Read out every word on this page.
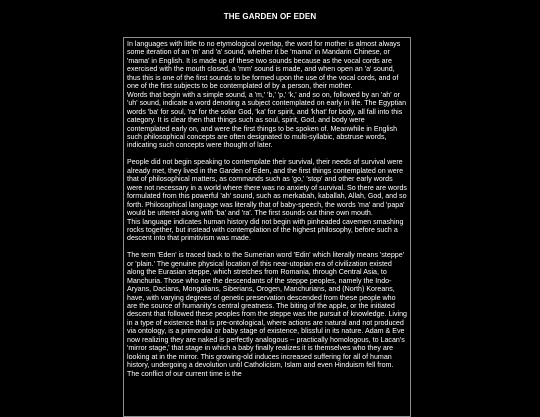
THE GARDEN OF EDEN

In languages with little to no etymological overlap, the word for mother is almost always some iteration of an 'm' and 'a' sound, whether it be 'mama' in Mandarin Chinese, or 'mama' in English. It is made up of these two sounds because as the vocal cords are exercised with the mouth closed, a 'mm' sound is made, and when open an 'a' sound, thus this is one of the first sounds to be formed upon the use of the vocal cords, and of one of the first subjects to be contemplated of by a person, their mother.

Words that begin with a simple sound, a 'm,' 'b,' 'p,' 'k,' and so on, followed by an 'ah' or 'uh' sound, indicate a word denoting a subject contemplated on early in life. The Egyptian words 'ba' for soul, 'ra' for the solar God, 'ka' for spirit, and 'khat' for body, all fall into this category. It is clear then that things such as soul, spirit, God, and body were contemplated early on, and were the first things to be spoken of. Meanwhile in English such philosophical concepts are often designated to multi-syllabic, abstruse words, indicating such concepts were thought of later.

People did not begin speaking to contemplate their survival, their needs of survival were already met, they lived in the Garden of Eden, and the first things contemplated on were that of philosophical matters, as commands such as 'go,' 'stop' and other early words were not necessary in a world where there was no anxiety of survival. So there are words formulated from this powerful 'ah' sound, such as merkabah, kaballah, Allah, God, and so forth. Philosophical language was literally that of baby-speech, the words 'ma' and 'papa' would be uttered along with 'ba' and 'ra'. The first sounds out thine own mouth.

This language indicates human history did not begin with pinheaded cavemen smashing rocks together, but instead with contemplation of the highest philosophy, before such a descent into that primitivism was made.

The term 'Eden' is traced back to the Sumerian word 'Edin' which literally means 'steppe' or 'plain.' The genuine physical location of this near-utopian era of civilization existed along the Eurasian steppe, which stretches from Romania, through Central Asia, to Manchuria. Those who are the descendants of the steppe peoples, namely the Indo-Aryans, Dacians, Mongolians, Siberians, Orogen, Manchurians, and (North) Koreans, have, with varying degrees of genetic preservation descended from these people who are the source of humanity's central greatness. The biting of the apple, or the initiated descent that followed these peoples from the steppe was the pursuit of knowledge. Living in a type of existence that is pre-ontological, where actions are natural and not produced via ontology, is a primordial or baby stage of existence, blissful in its nature. Adam & Eve now realizing they are naked is perfectly analogous -- practically homologous, to Lacan's 'mirror stage,' that stage in which a baby finally realizes it is themselves who they are looking at in the mirror. This growing-old induces increased suffering for all of human history, undergoing a devolution until Catholicism, Islam and even Hinduism fell from. The conflict of our current time is the
